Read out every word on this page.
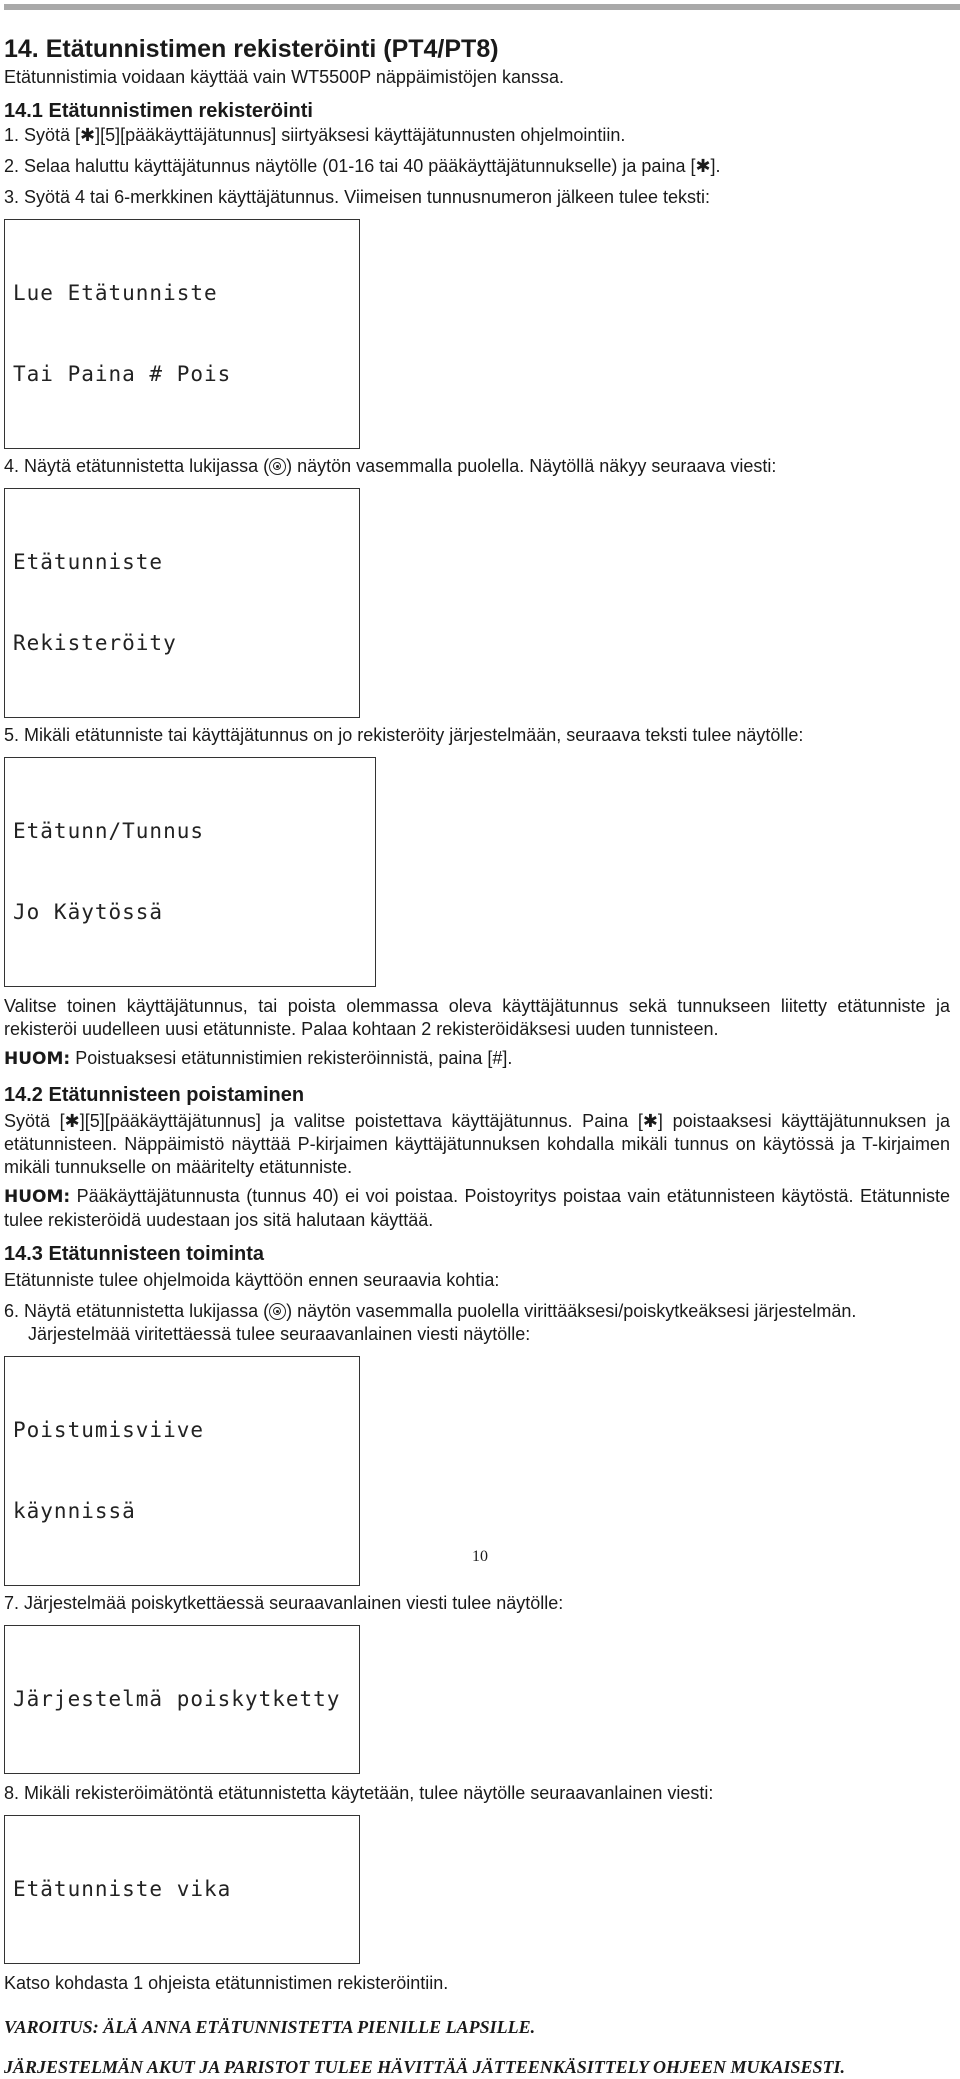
14. Etätunnistimen rekisteröinti (PT4/PT8)

Etätunnistimia voidaan käyttää vain WT5500P näppäimistöjen kanssa.

14.1 Etätunnistimen rekisteröinti

1. Syötä [✱][5][pääkäyttäjätunnus] siirtyäksesi käyttäjätunnusten ohjelmointiin.

2. Selaa haluttu käyttäjätunnus näytölle (01-16 tai 40 pääkäyttäjätunnukselle) ja paina [✱].

3. Syötä 4 tai 6-merkkinen käyttäjätunnus. Viimeisen tunnusnumeron jälkeen tulee teksti:

Lue Etätunniste

Tai Paina # Pois

4. Näytä etätunnistetta lukijassa ( ) näytön vasemmalla puolella. Näytöllä näkyy seuraava viesti:

Etätunniste

Rekisteröity

5. Mikäli etätunniste tai käyttäjätunnus on jo rekisteröity järjestelmään, seuraava teksti tulee näytölle:

Etätunn/Tunnus

Jo Käytössä

Valitse toinen käyttäjätunnus, tai poista olemmassa oleva käyttäjätunnus sekä tunnukseen liitetty etätunniste ja rekisteröi uudelleen uusi etätunniste. Palaa kohtaan 2 rekisteröidäksesi uuden tunnisteen.

HUOM: Poistuaksesi etätunnistimien rekisteröinnistä, paina [#].

14.2 Etätunnisteen poistaminen

Syötä [✱][5][pääkäyttäjätunnus] ja valitse poistettava käyttäjätunnus. Paina [✱] poistaaksesi käyttäjätunnuksen ja etätunnisteen. Näppäimistö näyttää P-kirjaimen käyttäjätunnuksen kohdalla mikäli tunnus on käytössä ja T-kirjaimen mikäli tunnukselle on määritelty etätunniste.

HUOM: Pääkäyttäjätunnusta (tunnus 40) ei voi poistaa. Poistoyritys poistaa vain etätunnisteen käytöstä. Etätunniste tulee rekisteröidä uudestaan jos sitä halutaan käyttää.

14.3 Etätunnisteen toiminta

Etätunniste tulee ohjelmoida käyttöön ennen seuraavia kohtia:

6. Näytä etätunnistetta lukijassa ( ) näytön vasemmalla puolella virittääksesi/poiskytkeäksesi järjestelmän. Järjestelmää viritettäessä tulee seuraavanlainen viesti näytölle:

Poistumisviive

käynnissä

7. Järjestelmää poiskytkettäessä seuraavanlainen viesti tulee näytölle:

Järjestelmä poiskytketty

8. Mikäli rekisteröimätöntä etätunnistetta käytetään, tulee näytölle seuraavanlainen viesti:

Etätunniste vika

Katso kohdasta 1 ohjeista etätunnistimen rekisteröintiin.

VAROITUS: ÄLÄ ANNA ETÄTUNNISTETTA PIENILLE LAPSILLE.

JÄRJESTELMÄN AKUT JA PARISTOT TULEE HÄVITTÄÄ JÄTTEENKÄSITTELY OHJEEN MUKAISESTI.

10
